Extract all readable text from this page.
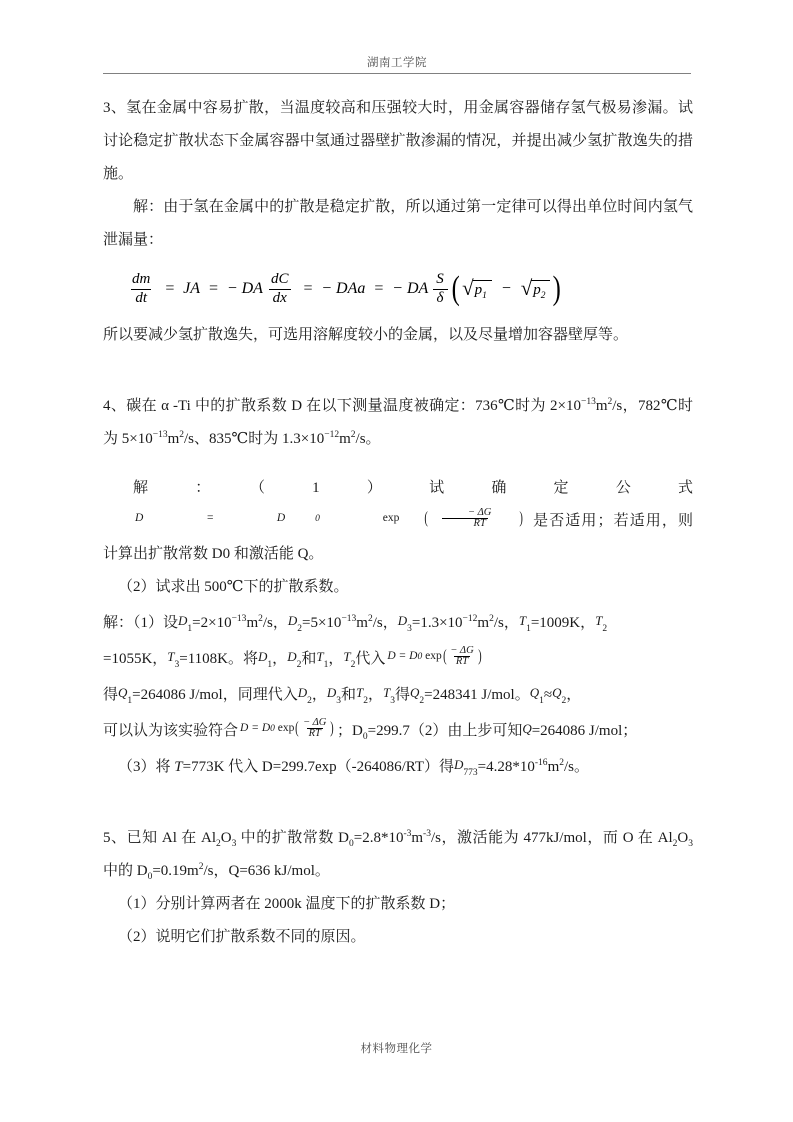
湖南工学院

3、氢在金属中容易扩散，当温度较高和压强较大时，用金属容器储存氢气极易渗漏。试讨论稳定扩散状态下金属容器中氢通过器壁扩散渗漏的情况，并提出减少氢扩散逸失的措施。

解：由于氢在金属中的扩散是稳定扩散，所以通过第一定律可以得出单位时间内氢气泄漏量：

$\frac{dm}{dt}$ = JA = − DA $\frac{dC}{dx}$ = − DAa = − DA $\frac{S}{\delta}$ ( √ $p_1$ − √ $p_2$ )

所以要减少氢扩散逸失，可选用溶解度较小的金属，以及尽量增加容器壁厚等。

4、碳在 α -Ti 中的扩散系数 D 在以下测量温度被确定：736℃时为 $2\times 10^{-13}m^2/s$，782℃时为 $5\times 10^{-13}m^2/s$、835℃时为 $1.3\times 10^{-12}m^2/s$。

解：（1）试确定公式
D
	=
	D	0
	exp	(	− ΔG
RT	) 是否适用；若适用，则计算出扩散常数 D0 和激活能 Q。

（2）试求出 500℃下的扩散系数。

解：（1）设$D_1=2\times 10^{-13}m^2/s$，$D_2=5\times 10^{-13}m^2/s$，$D_3=1.3\times 10^{-12}m^2/s$，$T_1=1009K$，$T_2$

=1055K，$T_3=1108K$。将$D_1$，$D_2$和$T_1$，$T_2$代入 D
=
D 0
exp ( − ΔG
RT )

得$Q_1=264086$ J/mol，同理代入$D_2$，$D_3$和$T_2$，$T_3$得$Q_2=248341$ J/mol。$Q_1\approx Q_2$，

可以认为该实验符合 D
=
D 0
exp ( − ΔG
RT ) ；$D_0=299.7(2)$由上步可知Q=264086 J/mol；

（3）将 T=773K 代入 D=299.7exp（-264086/RT）得$D_{773}=4.28*10^{-16}m^2/s$。

5、已知 Al 在 $Al_2O_3$ 中的扩散常数 $D_0=2.8*10^{-3}m^{-3}/s$，激活能为 477kJ/mol，而 O 在 $Al_2O_3$ 中的 $D_0=0.19m^2/s$，Q=636 kJ/mol。

（1）分别计算两者在 2000k 温度下的扩散系数 D；

（2）说明它们扩散系数不同的原因。

材料物理化学
